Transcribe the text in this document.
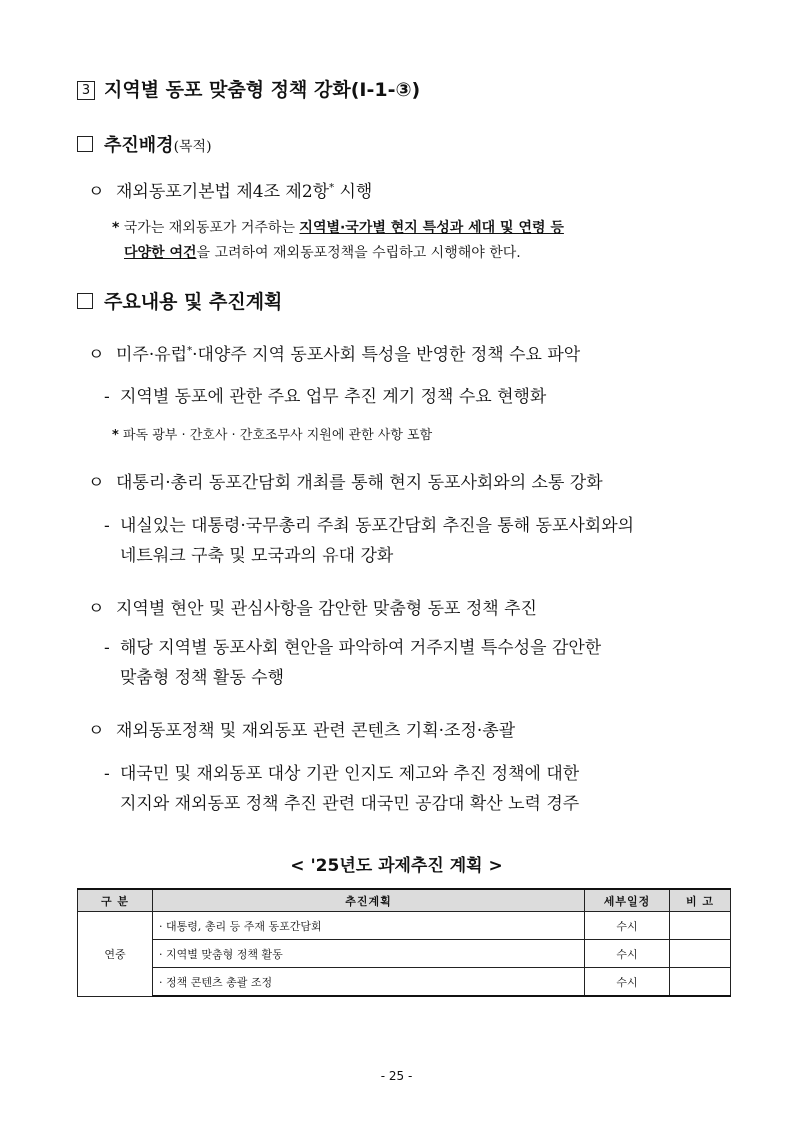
3 지역별 동포 맞춤형 정책 강화(Ⅰ-1-③)
추진배경(목적)
ㅇ 재외동포기본법 제4조 제2항* 시행
* 국가는 재외동포가 거주하는 지역별·국가별 현지 특성과 세대 및 연령 등
다양한 여건을 고려하여 재외동포정책을 수립하고 시행해야 한다.
주요내용 및 추진계획
ㅇ 미주·유럽*·대양주 지역 동포사회 특성을 반영한 정책 수요 파악
- 지역별 동포에 관한 주요 업무 추진 계기 정책 수요 현행화
* 파독 광부 · 간호사 · 간호조무사 지원에 관한 사항 포함
ㅇ 대통리·총리 동포간담회 개최를 통해 현지 동포사회와의 소통 강화
- 내실있는 대통령·국무총리 주최 동포간담회 추진을 통해 동포사회와의
네트워크 구축 및 모국과의 유대 강화
ㅇ 지역별 현안 및 관심사항을 감안한 맞춤형 동포 정책 추진
- 해당 지역별 동포사회 현안을 파악하여 거주지별 특수성을 감안한
맞춤형 정책 활동 수행
ㅇ 재외동포정책 및 재외동포 관련 콘텐츠 기획·조정·총괄
- 대국민 및 재외동포 대상 기관 인지도 제고와 추진 정책에 대한
지지와 재외동포 정책 추진 관련 대국민 공감대 확산 노력 경주
< '25년도 과제추진 계획 >
구 분	추진계획	세부일정	비 고
연중	· 대통령, 총리 등 주재 동포간담회	수시	
	· 지역별 맞춤형 정책 활동	수시	
	· 정책 콘텐츠 총괄 조정	수시	
- 25 -
